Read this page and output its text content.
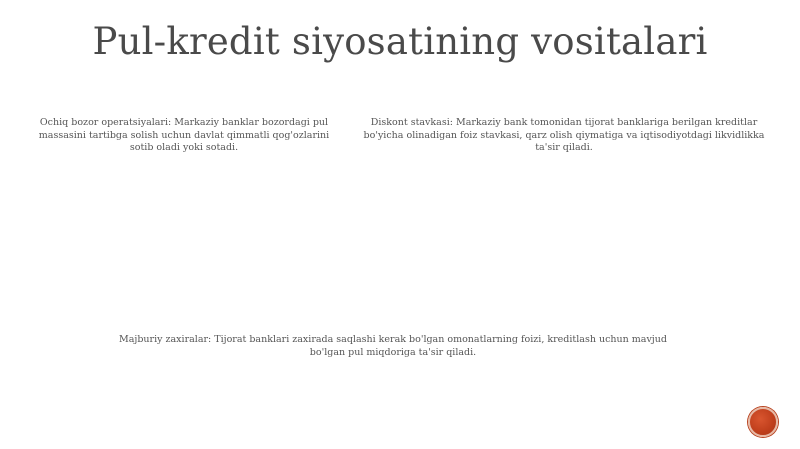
Pul-kredit siyosatining vositalari

Ochiq bozor operatsiyalari: Markaziy banklar bozordagi pul massasini tartibga solish uchun davlat qimmatli qog'ozlarini sotib oladi yoki sotadi.

Diskont stavkasi: Markaziy bank tomonidan tijorat banklariga berilgan kreditlar bo'yicha olinadigan foiz stavkasi, qarz olish qiymatiga va iqtisodiyotdagi likvidlikka ta'sir qiladi.

Majburiy zaxiralar: Tijorat banklari zaxirada saqlashi kerak bo'lgan omonatlarning foizi, kreditlash uchun mavjud bo'lgan pul miqdoriga ta'sir qiladi.
